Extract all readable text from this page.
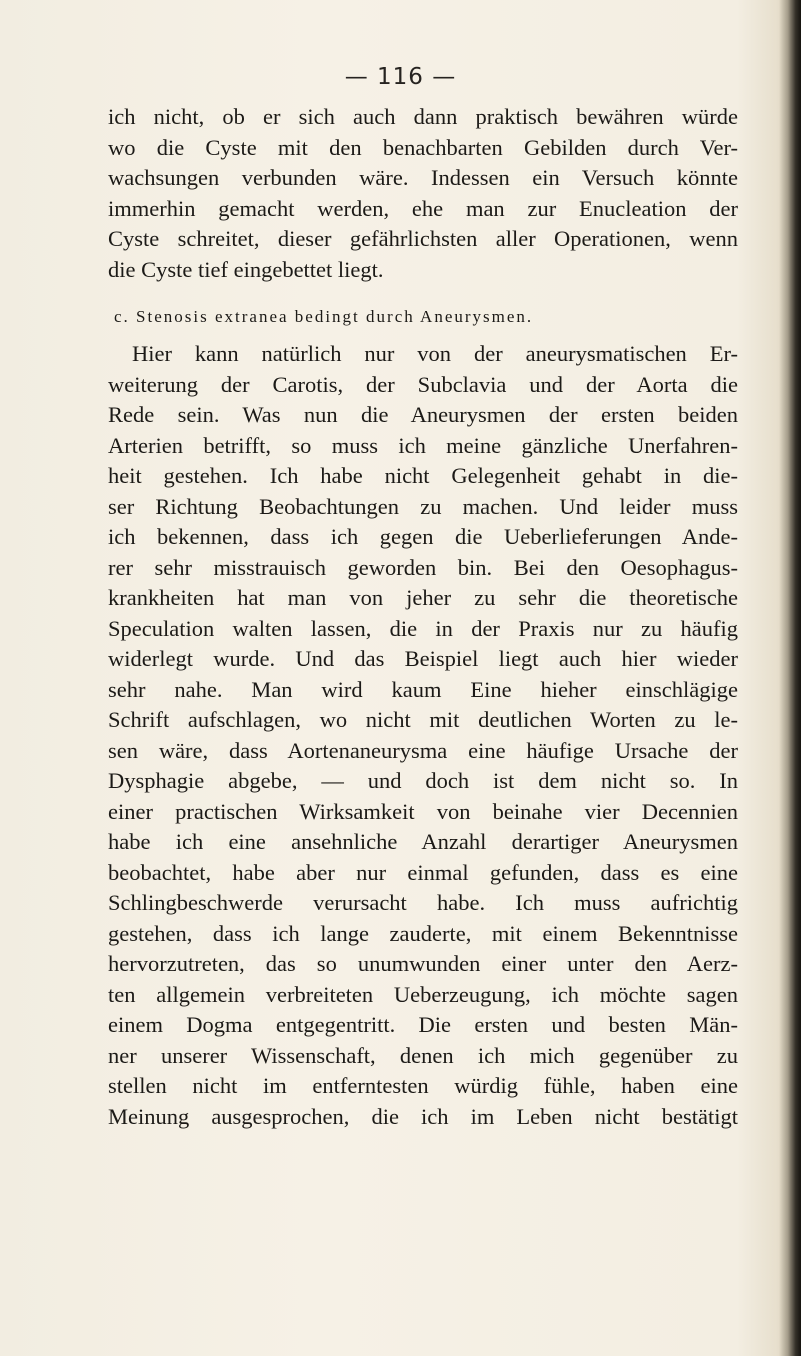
— 116 —

ich nicht, ob er sich auch dann praktisch bewähren würde
wo die Cyste mit den benachbarten Gebilden durch Ver-
wachsungen verbunden wäre. Indessen ein Versuch könnte
immerhin gemacht werden, ehe man zur Enucleation der
Cyste schreitet, dieser gefährlichsten aller Operationen, wenn
die Cyste tief eingebettet liegt.

c. Stenosis extranea bedingt durch Aneurysmen.

Hier kann natürlich nur von der aneurysmatischen Er-
weiterung der Carotis, der Subclavia und der Aorta die
Rede sein. Was nun die Aneurysmen der ersten beiden
Arterien betrifft, so muss ich meine gänzliche Unerfahren-
heit gestehen. Ich habe nicht Gelegenheit gehabt in die-
ser Richtung Beobachtungen zu machen. Und leider muss
ich bekennen, dass ich gegen die Ueberlieferungen Ande-
rer sehr misstrauisch geworden bin. Bei den Oesophagus-
krankheiten hat man von jeher zu sehr die theoretische
Speculation walten lassen, die in der Praxis nur zu häufig
widerlegt wurde. Und das Beispiel liegt auch hier wieder
sehr nahe. Man wird kaum Eine hieher einschlägige
Schrift aufschlagen, wo nicht mit deutlichen Worten zu le-
sen wäre, dass Aortenaneurysma eine häufige Ursache der
Dysphagie abgebe, — und doch ist dem nicht so. In
einer practischen Wirksamkeit von beinahe vier Decennien
habe ich eine ansehnliche Anzahl derartiger Aneurysmen
beobachtet, habe aber nur einmal gefunden, dass es eine
Schlingbeschwerde verursacht habe. Ich muss aufrichtig
gestehen, dass ich lange zauderte, mit einem Bekenntnisse
hervorzutreten, das so unumwunden einer unter den Aerz-
ten allgemein verbreiteten Ueberzeugung, ich möchte sagen
einem Dogma entgegentritt. Die ersten und besten Män-
ner unserer Wissenschaft, denen ich mich gegenüber zu
stellen nicht im entferntesten würdig fühle, haben eine
Meinung ausgesprochen, die ich im Leben nicht bestätigt
